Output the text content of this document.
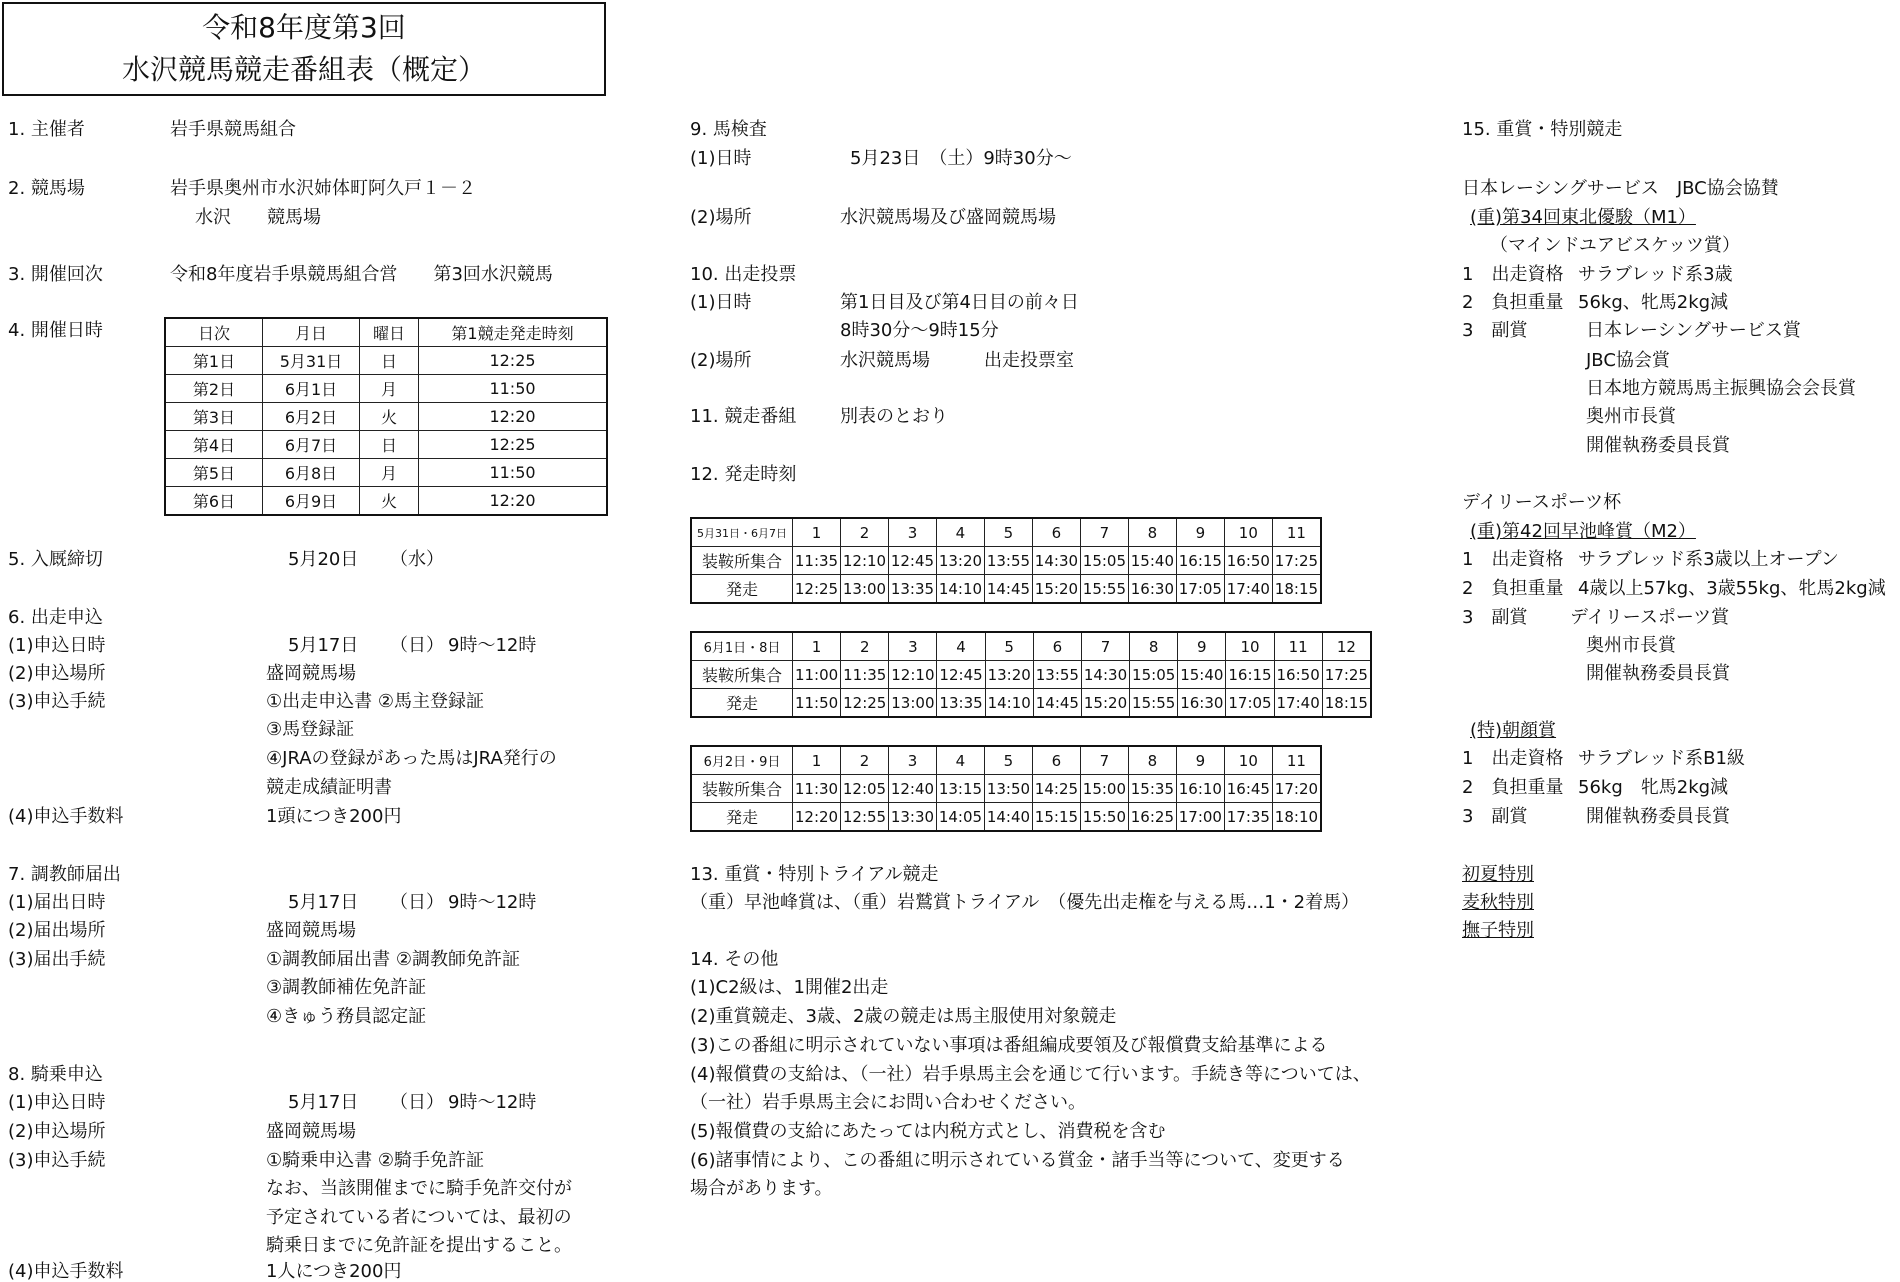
令和8年度第3回
水沢競馬競走番組表（概定）
1. 主催者	岩手県競馬組合
2. 競馬場	岩手県奥州市水沢姉体町阿久戸１－２
水沢　　競馬場
3. 開催回次	令和8年度岩手県競馬組合営　　第3回水沢競馬
4. 開催日時	日次	月日	曜日	第1競走発走時刻
第1日	5月31日	日	12:25
第2日	6月1日	月	11:50
第3日	6月2日	火	12:20
第4日	6月7日	日	12:25
第5日	6月8日	月	11:50
第6日	6月9日	火	12:20
5. 入厩締切	5月20日 （水）
6. 出走申込
(1)申込日時	5月17日 （日） 9時～12時
(2)申込場所	盛岡競馬場
(3)申込手続	①出走申込書 ②馬主登録証
③馬登録証
④JRAの登録があった馬はJRA発行の
競走成績証明書
(4)申込手数料	1頭につき200円
7. 調教師届出
(1)届出日時	5月17日 （日） 9時～12時
(2)届出場所	盛岡競馬場
(3)届出手続	①調教師届出書 ②調教師免許証
③調教師補佐免許証
④きゅう務員認定証
8. 騎乗申込
(1)申込日時	5月17日 （日） 9時～12時
(2)申込場所	盛岡競馬場
(3)申込手続	①騎乗申込書 ②騎手免許証
なお、当該開催までに騎手免許交付が
予定されている者については、最初の
騎乗日までに免許証を提出すること。
(4)申込手数料	1人につき200円
9. 馬検査
(1)日時	5月23日　（土）9時30分～
(2)場所	水沢競馬場及び盛岡競馬場
10. 出走投票
(1)日時	第1日目及び第4日目の前々日
8時30分～9時15分
(2)場所	水沢競馬場　　　出走投票室
11. 競走番組 別表のとおり
12. 発走時刻
5月31日・6月7日	1	2	3	4	5	6	7	8	9	10	11
装鞍所集合	11:35	12:10	12:45	13:20	13:55	14:30	15:05	15:40	16:15	16:50	17:25
発走	12:25	13:00	13:35	14:10	14:45	15:20	15:55	16:30	17:05	17:40	18:15
6月1日・8日	1	2	3	4	5	6	7	8	9	10	11	12
装鞍所集合	11:00	11:35	12:10	12:45	13:20	13:55	14:30	15:05	15:40	16:15	16:50	17:25
発走	11:50	12:25	13:00	13:35	14:10	14:45	15:20	15:55	16:30	17:05	17:40	18:15
6月2日・9日	1	2	3	4	5	6	7	8	9	10	11
装鞍所集合	11:30	12:05	12:40	13:15	13:50	14:25	15:00	15:35	16:10	16:45	17:20
発走	12:20	12:55	13:30	14:05	14:40	15:15	15:50	16:25	17:00	17:35	18:10
13. 重賞・特別トライアル競走
（重）早池峰賞は、（重）岩鷲賞トライアル　（優先出走権を与える馬…1・2着馬）
14. その他
(1)C2級は、1開催2出走
(2)重賞競走、3歳、2歳の競走は馬主服使用対象競走
(3)この番組に明示されていない事項は番組編成要領及び報償費支給基準による
(4)報償費の支給は、（一社）岩手県馬主会を通じて行います。手続き等については、
（一社）岩手県馬主会にお問い合わせください。
(5)報償費の支給にあたっては内税方式とし、消費税を含む
(6)諸事情により、この番組に明示されている賞金・諸手当等について、変更する
場合があります。
15. 重賞・特別競走
日本レーシングサービス　JBC協会協賛
(重)第34回東北優駿（M1）
（マインドユアビスケッツ賞）
1　出走資格 サラブレッド系3歳
2　負担重量 56kg、牝馬2kg減
3　副賞	日本レーシングサービス賞
JBC協会賞
日本地方競馬馬主振興協会会長賞
奥州市長賞
開催執務委員長賞
デイリースポーツ杯
(重)第42回早池峰賞（M2）
1　出走資格 サラブレッド系3歳以上オープン
2　負担重量 4歳以上57kg、3歳55kg、牝馬2kg減
3　副賞 デイリースポーツ賞
奥州市長賞
開催執務委員長賞
(特)朝顔賞
1　出走資格 サラブレッド系B1級
2　負担重量 56kg　牝馬2kg減
3　副賞	開催執務委員長賞
初夏特別
麦秋特別
撫子特別
